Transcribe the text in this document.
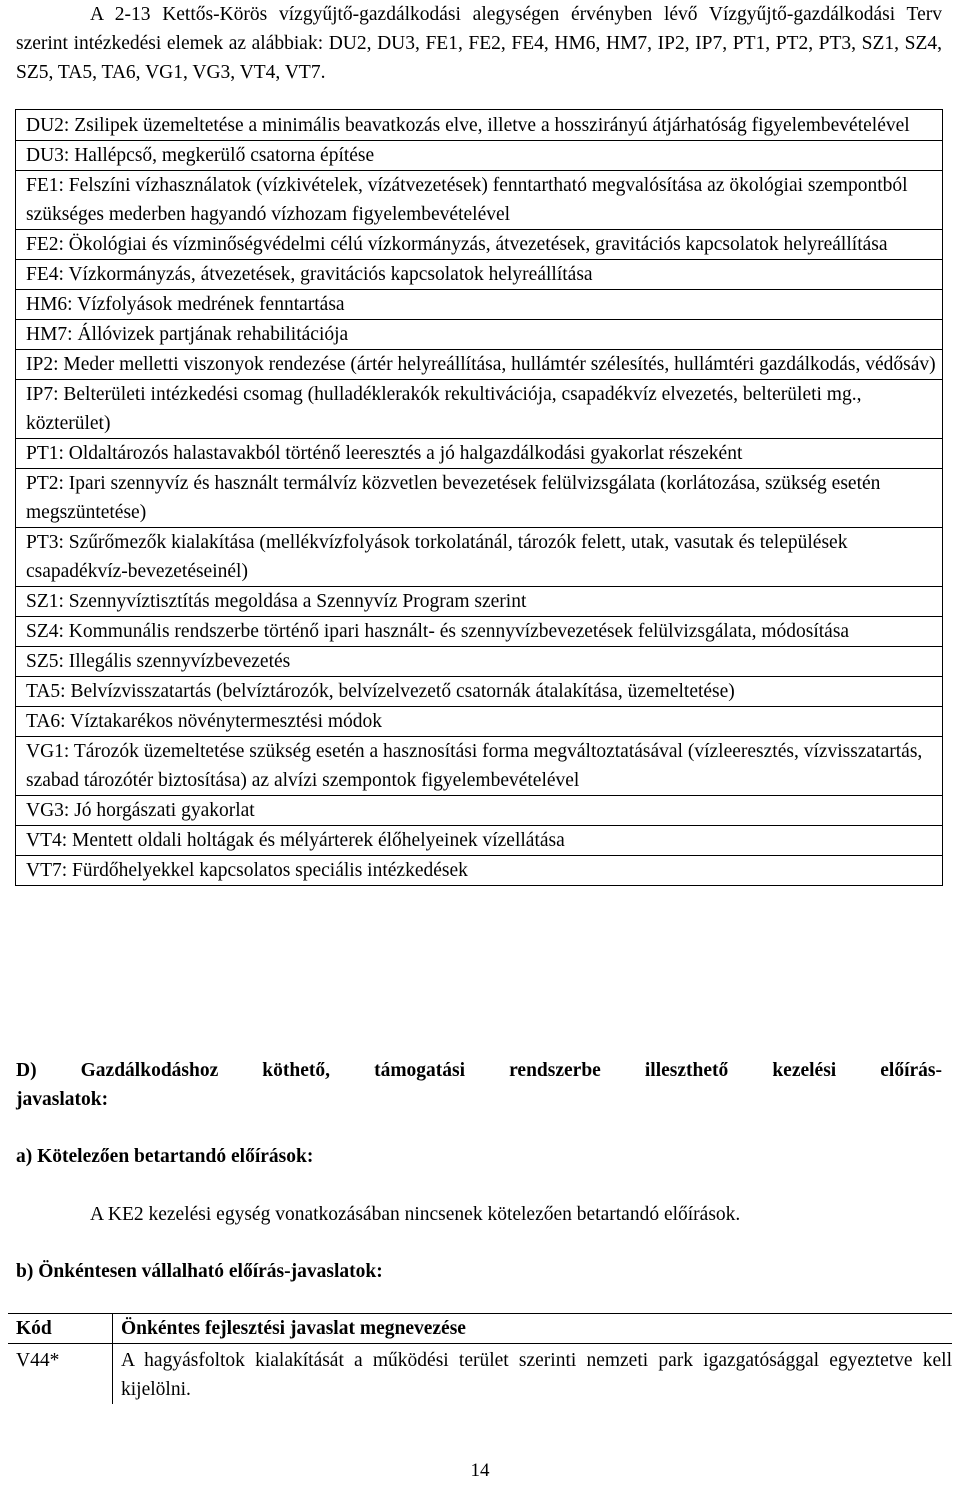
A 2-13 Kettős-Körös vízgyűjtő-gazdálkodási alegységen érvényben lévő Vízgyűjtő-gazdálkodási Terv szerint intézkedési elemek az alábbiak: DU2, DU3, FE1, FE2, FE4, HM6, HM7, IP2, IP7, PT1, PT2, PT3, SZ1, SZ4, SZ5, TA5, TA6, VG1, VG3, VT4, VT7.

DU2: Zsilipek üzemeltetése a minimális beavatkozás elve, illetve a hosszirányú átjárhatóság figyelembevételével
DU3: Hallépcső, megkerülő csatorna építése
FE1: Felszíni vízhasználatok (vízkivételek, vízátvezetések) fenntartható megvalósítása az ökológiai szempontból szükséges mederben hagyandó vízhozam figyelembevételével
FE2: Ökológiai és vízminőségvédelmi célú vízkormányzás, átvezetések, gravitációs kapcsolatok helyreállítása
FE4: Vízkormányzás, átvezetések, gravitációs kapcsolatok helyreállítása
HM6: Vízfolyások medrének fenntartása
HM7: Állóvizek partjának rehabilitációja
IP2: Meder melletti viszonyok rendezése (ártér helyreállítása, hullámtér szélesítés, hullámtéri gazdálkodás, védősáv)
IP7: Belterületi intézkedési csomag (hulladéklerakók rekultivációja, csapadékvíz elvezetés, belterületi mg., közterület)
PT1: Oldaltározós halastavakból történő leeresztés a jó halgazdálkodási gyakorlat részeként
PT2: Ipari szennyvíz és használt termálvíz közvetlen bevezetések felülvizsgálata (korlátozása, szükség esetén megszüntetése)
PT3: Szűrőmezők kialakítása (mellékvízfolyások torkolatánál, tározók felett, utak, vasutak és települések csapadékvíz-bevezetéseinél)
SZ1: Szennyvíztisztítás megoldása a Szennyvíz Program szerint
SZ4: Kommunális rendszerbe történő ipari használt- és szennyvízbevezetések felülvizsgálata, módosítása
SZ5: Illegális szennyvízbevezetés
TA5: Belvízvisszatartás (belvíztározók, belvízelvezető csatornák átalakítása, üzemeltetése)
TA6: Víztakarékos növénytermesztési módok
VG1: Tározók üzemeltetése szükség esetén a hasznosítási forma megváltoztatásával (vízleeresztés, vízvisszatartás, szabad tározótér biztosítása) az alvízi szempontok figyelembevételével
VG3: Jó horgászati gyakorlat
VT4: Mentett oldali holtágak és mélyárterek élőhelyeinek vízellátása
VT7: Fürdőhelyekkel kapcsolatos speciális intézkedések
D) Gazdálkodáshoz köthető, támogatási rendszerbe illeszthető kezelési előírás-
javaslatok:
a) Kötelezően betartandó előírások:
A KE2 kezelési egység vonatkozásában nincsenek kötelezően betartandó előírások.
b) Önkéntesen vállalható előírás-javaslatok:
Kód	Önkéntes fejlesztési javaslat megnevezése
V44*	A hagyásfoltok kialakítását a működési terület szerinti nemzeti park igazgatósággal egyeztetve kell kijelölni.
14
